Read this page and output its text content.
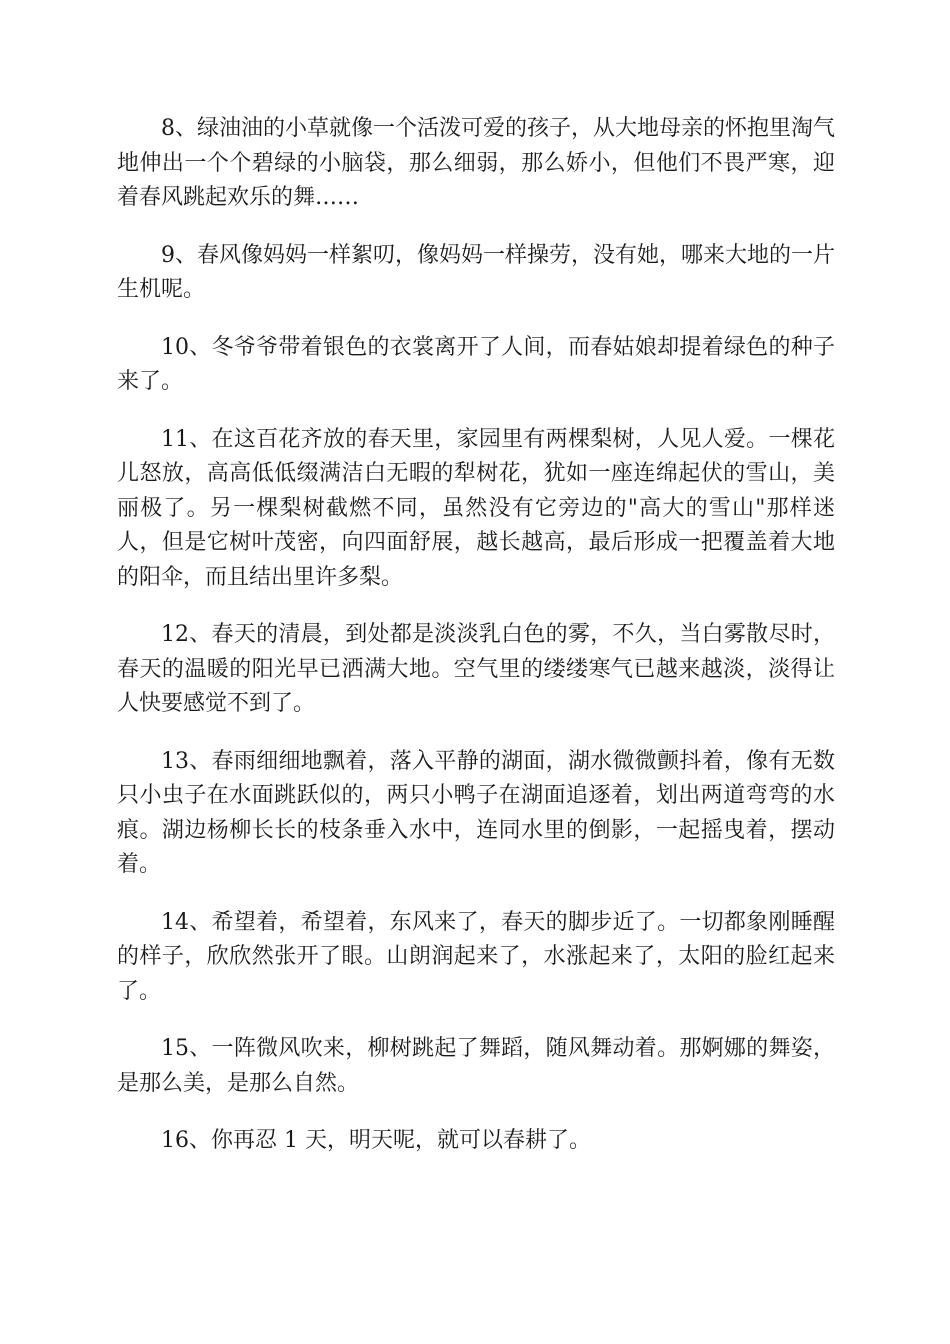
8、绿油油的小草就像一个活泼可爱的孩子，从大地母亲的怀抱里淘气地伸出一个个碧绿的小脑袋，那么细弱，那么娇小，但他们不畏严寒，迎着春风跳起欢乐的舞……

9、春风像妈妈一样絮叨，像妈妈一样操劳，没有她，哪来大地的一片生机呢。

10、冬爷爷带着银色的衣裳离开了人间，而春姑娘却提着绿色的种子来了。

11、在这百花齐放的春天里，家园里有两棵梨树，人见人爱。一棵花儿怒放，高高低低缀满洁白无暇的犁树花，犹如一座连绵起伏的雪山，美丽极了。另一棵梨树截燃不同，虽然没有它旁边的"高大的雪山"那样迷人，但是它树叶茂密，向四面舒展，越长越高，最后形成一把覆盖着大地的阳伞，而且结出里许多梨。

12、春天的清晨，到处都是淡淡乳白色的雾，不久，当白雾散尽时，春天的温暖的阳光早已洒满大地。空气里的缕缕寒气已越来越淡，淡得让人快要感觉不到了。

13、春雨细细地飘着，落入平静的湖面，湖水微微颤抖着，像有无数只小虫子在水面跳跃似的，两只小鸭子在湖面追逐着，划出两道弯弯的水痕。湖边杨柳长长的枝条垂入水中，连同水里的倒影，一起摇曳着，摆动着。

14、希望着，希望着，东风来了，春天的脚步近了。一切都象刚睡醒的样子，欣欣然张开了眼。山朗润起来了，水涨起来了，太阳的脸红起来了。

15、一阵微风吹来，柳树跳起了舞蹈，随风舞动着。那婀娜的舞姿，是那么美，是那么自然。

16、你再忍 1 天，明天呢，就可以春耕了。
